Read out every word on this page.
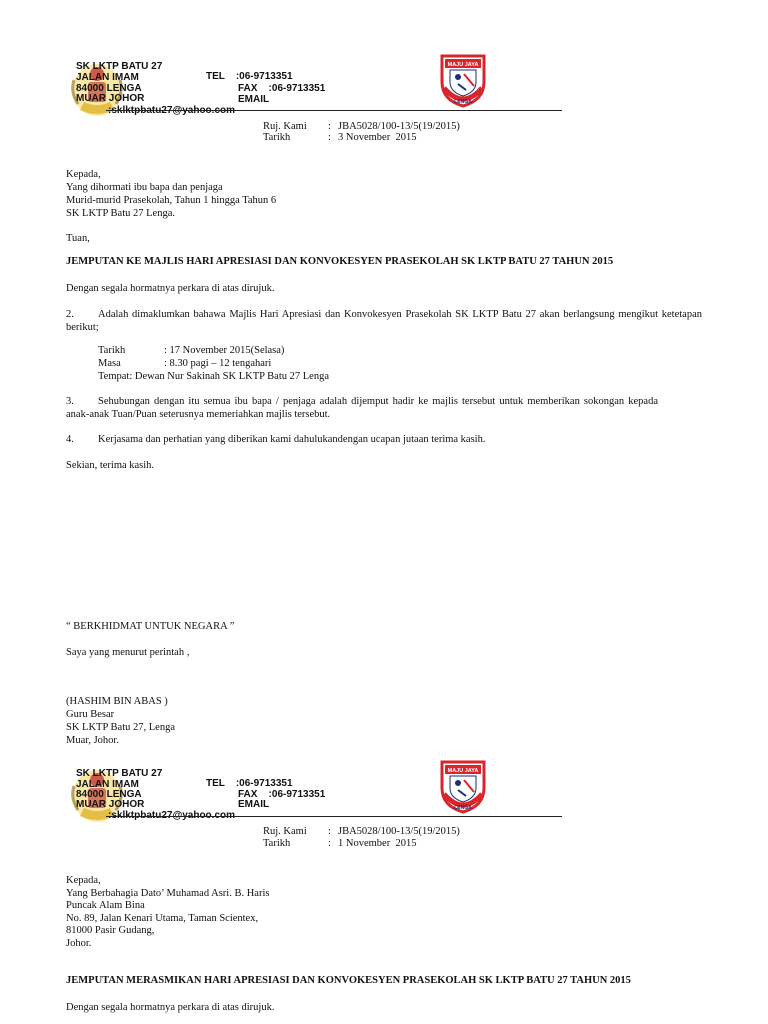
SK LKTP BATU 27
JALAN IMAM
84000 LENGA
MUAR JOHOR
TEL    :06-9713351
FAX    :06-9713351
EMAIL
:sklktpbatu27@yahoo.com
MAJU JAYA
LENGA
Ruj. Kami : JBA5028/100-13/5(19/2015)
Tarikh	: 3 November  2015
Kepada,
Yang dihormati ibu bapa dan penjaga
Murid-murid Prasekolah, Tahun 1 hingga Tahun 6
SK LKTP Batu 27 Lenga.
Tuan,
JEMPUTAN KE MAJLIS HARI APRESIASI DAN KONVOKESYEN PRASEKOLAH SK LKTP BATU 27 TAHUN 2015
Dengan segala hormatnya perkara di atas dirujuk.
2.	Adalah dimaklumkan bahawa Majlis Hari Apresiasi dan Konvokesyen Prasekolah SK LKTP Batu 27 akan berlangsung mengikut ketetapan berikut;
Tarikh	: 17 November 2015(Selasa)
Masa	: 8.30 pagi – 12 tengahari
Tempat: Dewan Nur Sakinah SK LKTP Batu 27 Lenga
3.	Sehubungan dengan itu semua ibu bapa / penjaga adalah dijemput hadir ke majlis tersebut untuk memberikan sokongan kepada anak-anak Tuan/Puan seterusnya memeriahkan majlis tersebut.
4. Kerjasama dan perhatian yang diberikan kami dahulukandengan ucapan jutaan terima kasih.
Sekian, terima kasih.
“ BERKHIDMAT UNTUK NEGARA ”
Saya yang menurut perintah ,
(HASHIM BIN ABAS )
Guru Besar
SK LKTP Batu 27, Lenga
Muar, Johor.
SK LKTP BATU 27
JALAN IMAM
84000 LENGA
MUAR JOHOR
TEL    :06-9713351
FAX    :06-9713351
EMAIL
:sklktpbatu27@yahoo.com
MAJU JAYA
LENGA
Ruj. Kami : JBA5028/100-13/5(19/2015)
Tarikh	: 1 November  2015
Kepada,
Yang Berbahagia Dato’ Muhamad Asri. B. Haris
Puncak Alam Bina
No. 89, Jalan Kenari Utama, Taman Scientex,
81000 Pasir Gudang,
Johor.
JEMPUTAN MERASMIKAN HARI APRESIASI DAN KONVOKESYEN PRASEKOLAH SK LKTP BATU 27 TAHUN 2015
Dengan segala hormatnya perkara di atas dirujuk.
